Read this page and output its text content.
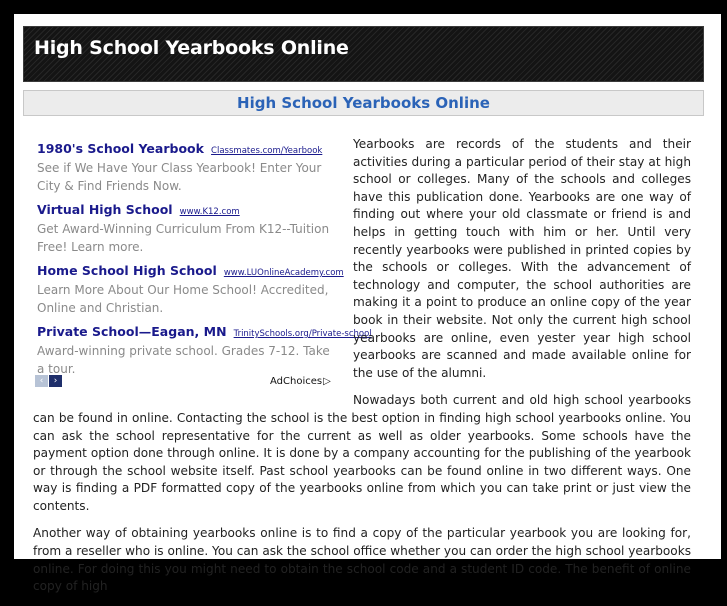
High School Yearbooks Online
High School Yearbooks Online
1980's School Yearbook Classmates.com/Yearbook
See if We Have Your Class Yearbook! Enter Your City & Find Friends Now.
Virtual High School www.K12.com
Get Award-Winning Curriculum From K12--Tuition Free! Learn more.
Home School High School www.LUOnlineAcademy.com
Learn More About Our Home School! Accredited, Online and Christian.
Private School—Eagan, MN TrinitySchools.org/Private-school
Award-winning private school. Grades 7-12. Take a tour.
‹ ›	AdChoices▷

Yearbooks are records of the students and their activities during a particular period of their stay at high school or colleges. Many of the schools and colleges have this publication done. Yearbooks are one way of finding out where your old classmate or friend is and helps in getting touch with him or her. Until very recently yearbooks were published in printed copies by the schools or colleges. With the advancement of technology and computer, the school authorities are making it a point to produce an online copy of the year book in their website. Not only the current high school yearbooks are online, even yester year high school yearbooks are scanned and made available online for the use of the alumni.

Nowadays both current and old high school yearbooks can be found in online. Contacting the school is the best option in finding high school yearbooks online. You can ask the school representative for the current as well as older yearbooks. Some schools have the payment option done through online. It is done by a company accounting for the publishing of the yearbook or through the school website itself. Past school yearbooks can be found online in two different ways. One way is finding a PDF formatted copy of the yearbooks online from which you can take print or just view the contents.

Another way of obtaining yearbooks online is to find a copy of the particular yearbook you are looking for, from a reseller who is online. You can ask the school office whether you can order the high school yearbooks online. For doing this you might need to obtain the school code and a student ID code. The benefit of online copy of high
